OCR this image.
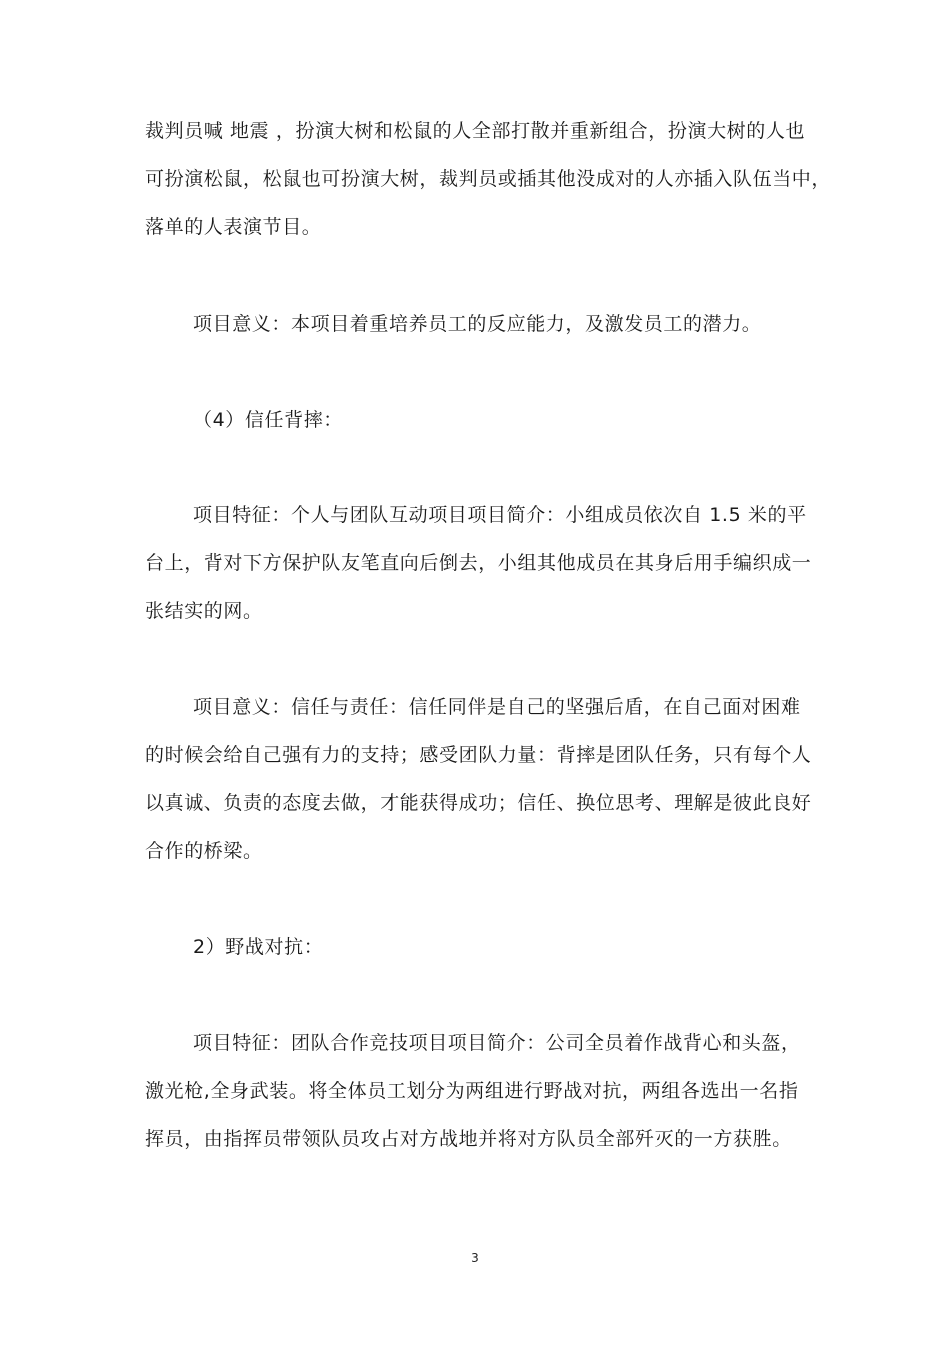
裁判员喊 地震 ，扮演大树和松鼠的人全部打散并重新组合，扮演大树的人也
可扮演松鼠，松鼠也可扮演大树，裁判员或插其他没成对的人亦插入队伍当中，
落单的人表演节目。
项目意义：本项目着重培养员工的反应能力，及激发员工的潜力。
（4）信任背摔：
项目特征：个人与团队互动项目项目简介：小组成员依次自 1.5 米的平
台上，背对下方保护队友笔直向后倒去，小组其他成员在其身后用手编织成一
张结实的网。
项目意义：信任与责任：信任同伴是自己的坚强后盾，在自己面对困难
的时候会给自己强有力的支持；感受团队力量：背摔是团队任务，只有每个人
以真诚、负责的态度去做，才能获得成功；信任、换位思考、理解是彼此良好
合作的桥梁。
2）野战对抗：
项目特征：团队合作竞技项目项目简介：公司全员着作战背心和头盔，
激光枪,全身武装。将全体员工划分为两组进行野战对抗，两组各选出一名指
挥员，由指挥员带领队员攻占对方战地并将对方队员全部歼灭的一方获胜。
3
